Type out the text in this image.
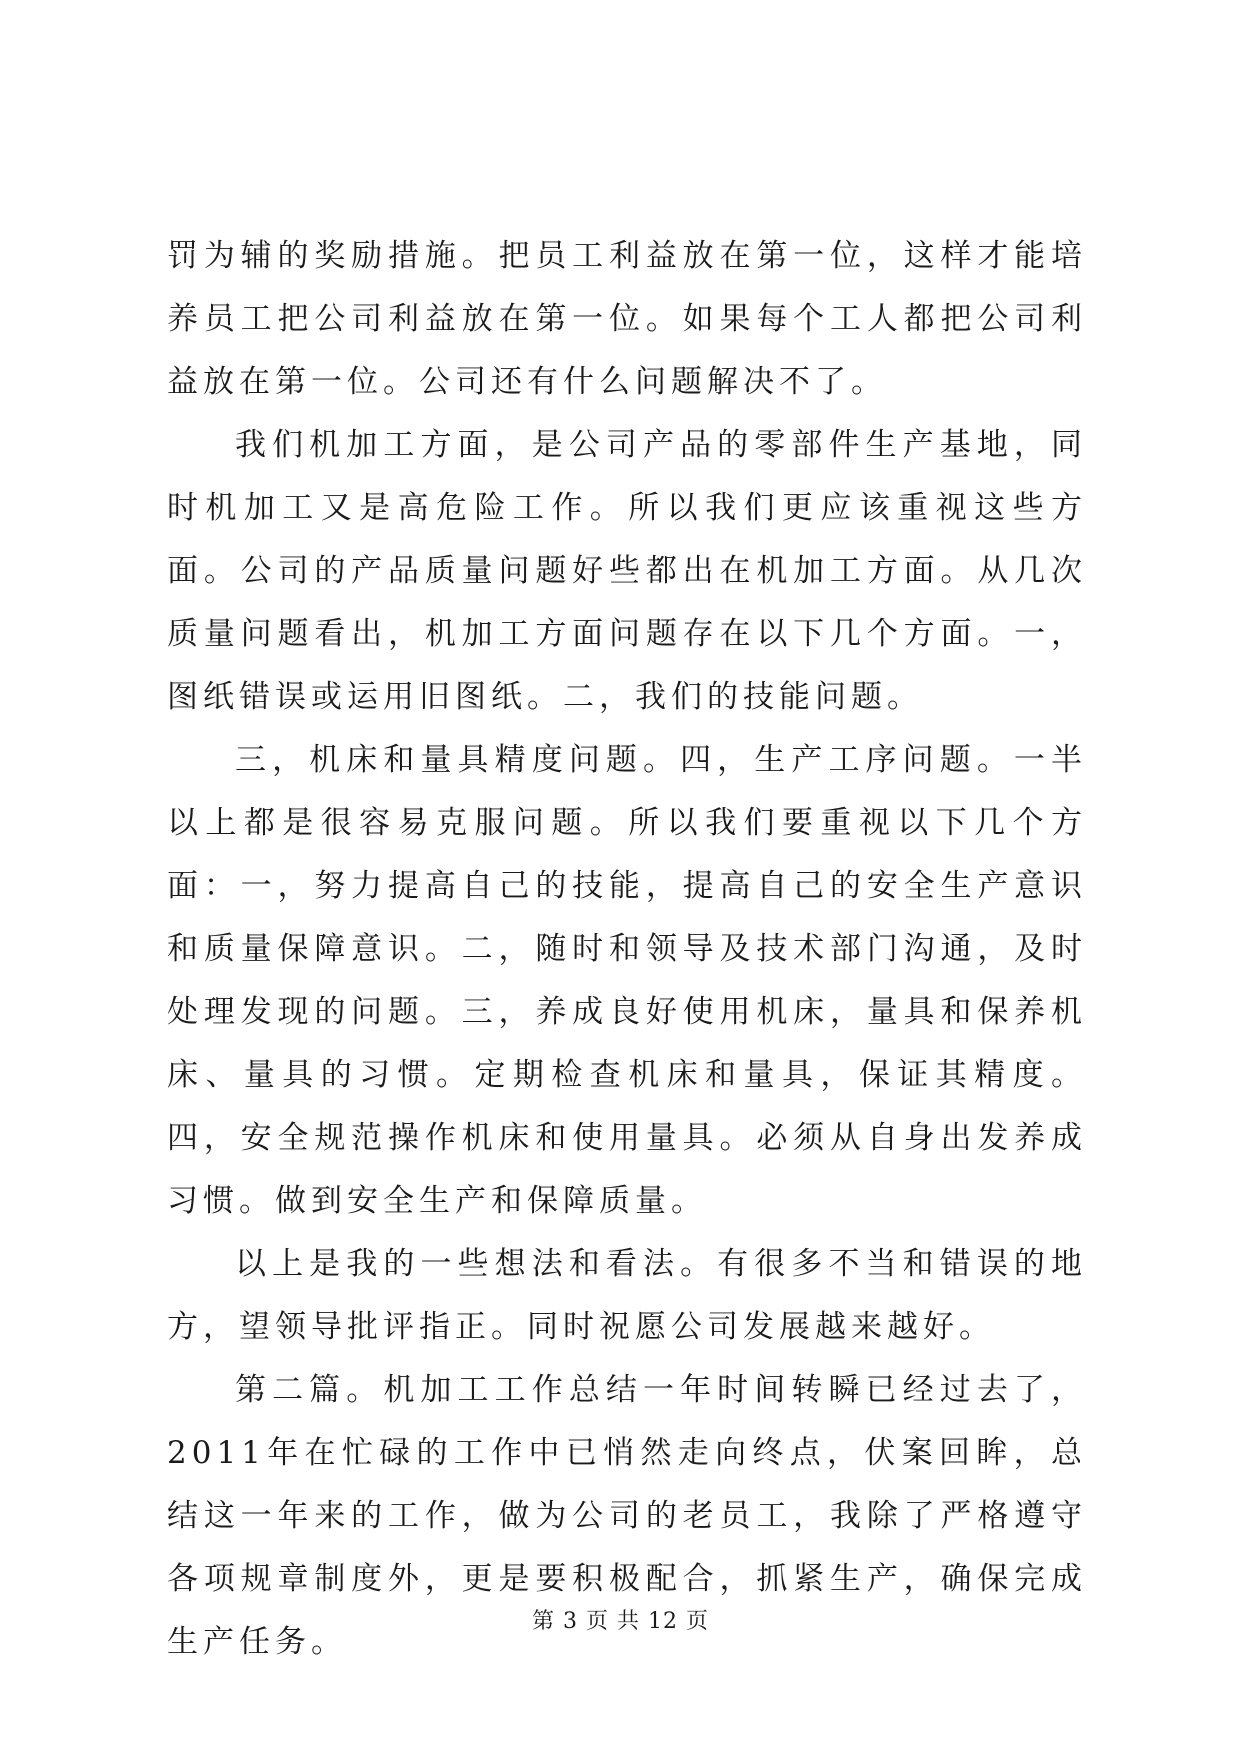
罚为辅的奖励措施。把员工利益放在第一位，这样才能培养员工把公司利益放在第一位。如果每个工人都把公司利益放在第一位。公司还有什么问题解决不了。

我们机加工方面，是公司产品的零部件生产基地，同时机加工又是高危险工作。所以我们更应该重视这些方面。公司的产品质量问题好些都出在机加工方面。从几次质量问题看出，机加工方面问题存在以下几个方面。一，图纸错误或运用旧图纸。二，我们的技能问题。

三，机床和量具精度问题。四，生产工序问题。一半以上都是很容易克服问题。所以我们要重视以下几个方面：一，努力提高自己的技能，提高自己的安全生产意识和质量保障意识。二，随时和领导及技术部门沟通，及时处理发现的问题。三，养成良好使用机床，量具和保养机床、量具的习惯。定期检查机床和量具，保证其精度。四，安全规范操作机床和使用量具。必须从自身出发养成习惯。做到安全生产和保障质量。

以上是我的一些想法和看法。有很多不当和错误的地方，望领导批评指正。同时祝愿公司发展越来越好。

第二篇。机加工工作总结一年时间转瞬已经过去了，2011年在忙碌的工作中已悄然走向终点，伏案回眸，总结这一年来的工作，做为公司的老员工，我除了严格遵守各项规章制度外，更是要积极配合，抓紧生产，确保完成生产任务。

第 3 页 共 12 页
